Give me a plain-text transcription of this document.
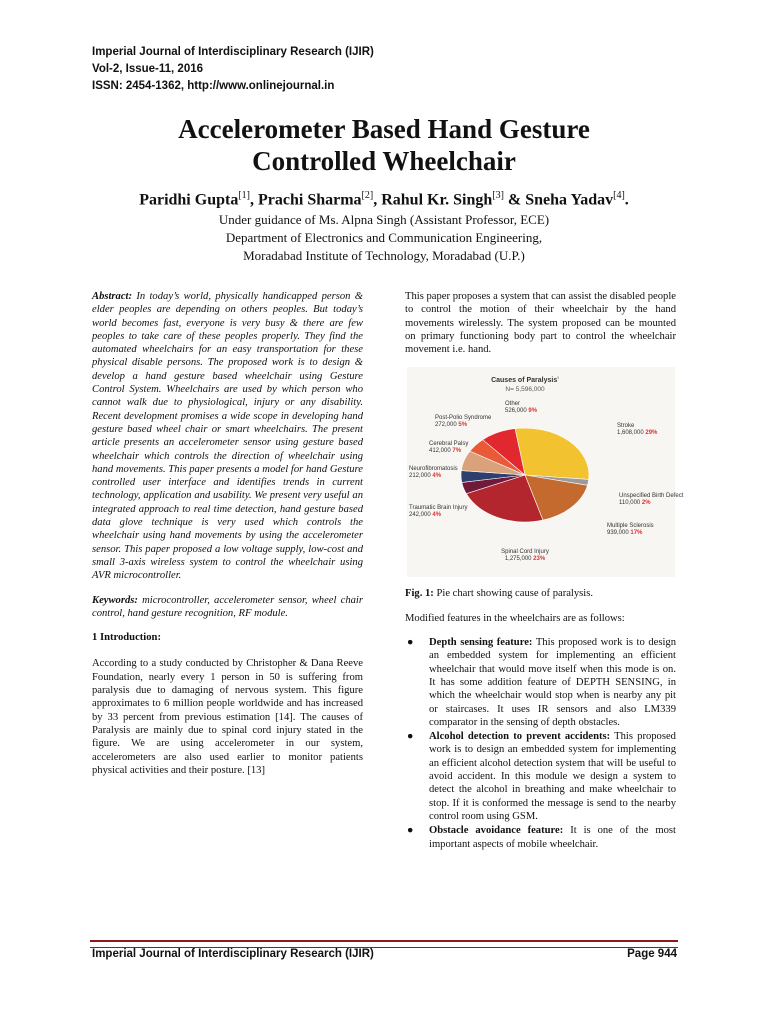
Imperial Journal of Interdisciplinary Research (IJIR)
Vol-2, Issue-11, 2016
ISSN: 2454-1362, http://www.onlinejournal.in
Accelerometer Based Hand Gesture
Controlled Wheelchair
Paridhi Gupta[1], Prachi Sharma[2], Rahul Kr. Singh[3] & Sneha Yadav[4].
Under guidance of Ms. Alpna Singh (Assistant Professor, ECE)
Department of Electronics and Communication Engineering,
Moradabad Institute of Technology, Moradabad (U.P.)

Abstract: In today’s world, physically handicapped person & elder peoples are depending on others peoples. But today’s world becomes fast, everyone is very busy & there are few peoples to take care of these peoples properly. They find the automated wheelchairs for an easy transportation for these physical disable persons. The proposed work is to design & develop a hand gesture based wheelchair using Gesture Control System. Wheelchairs are used by which person who cannot walk due to physiological, injury or any disability. Recent development promises a wide scope in developing hand gesture based wheel chair or smart wheelchairs. The present article presents an accelerometer sensor using gesture based wheelchair which controls the direction of wheelchair using hand movements. This paper presents a model for hand Gesture controlled user interface and identifies trends in current technology, application and usability. We present very useful an integrated approach to real time detection, hand gesture based data glove technique is very used which controls the wheelchair using hand movements by using the accelerometer sensor. This paper proposed a low voltage supply, low-cost and small 3-axis wireless system to control the wheelchair using AVR microcontroller.

Keywords: microcontroller, accelerometer sensor, wheel chair control, hand gesture recognition, RF module.

1 Introduction:

According to a study conducted by Christopher & Dana Reeve Foundation, nearly every 1 person in 50 is suffering from paralysis due to damaging of nervous system. This figure approximates to 6 million people worldwide and has increased by 33 percent from previous estimation [14]. The causes of Paralysis are mainly due to spinal cord injury stated in the figure. We are using accelerometer in our system, accelerometers are also used earlier to monitor patients physical activities and their posture. [13]

This paper proposes a system that can assist the disabled people to control the motion of their wheelchair by the hand movements wirelessly. The system proposed can be mounted on primary functioning body part to control the wheelchair movement i.e. hand.

Causes of Paralysis$^{^1}$
N= 5,596,000
Stroke 1,608,000 29%
Unspecified Birth Defect 110,000 2%
Multiple Sclerosis 939,000 17%
Spinal Cord Injury 1,275,000 23%
Traumatic Brain Injury 242,000 4%
Neurofibromatosis 212,000 4%
Cerebral Palsy 412,000 7%
Post-Polio Syndrome 272,000 5%
Other 526,000 9%

Fig. 1: Pie chart showing cause of paralysis.

Modified features in the wheelchairs are as follows:

● Depth sensing feature: This proposed work is to design an embedded system for implementing an efficient wheelchair that would move itself when this mode is on. It has some addition feature of DEPTH SENSING, in which the wheelchair would stop when is nearby any pit or staircases. It uses IR sensors and also LM339 comparator in the sensing of depth obstacles.
● Alcohol detection to prevent accidents: This proposed work is to design an embedded system for implementing an efficient alcohol detection system that will be useful to avoid accident. In this module we design a system to detect the alcohol in breathing and make wheelchair to stop. If it is conformed the message is send to the nearby control room using GSM.
● Obstacle avoidance feature: It is one of the most important aspects of mobile wheelchair.
Imperial Journal of Interdisciplinary Research (IJIR)	Page 944
